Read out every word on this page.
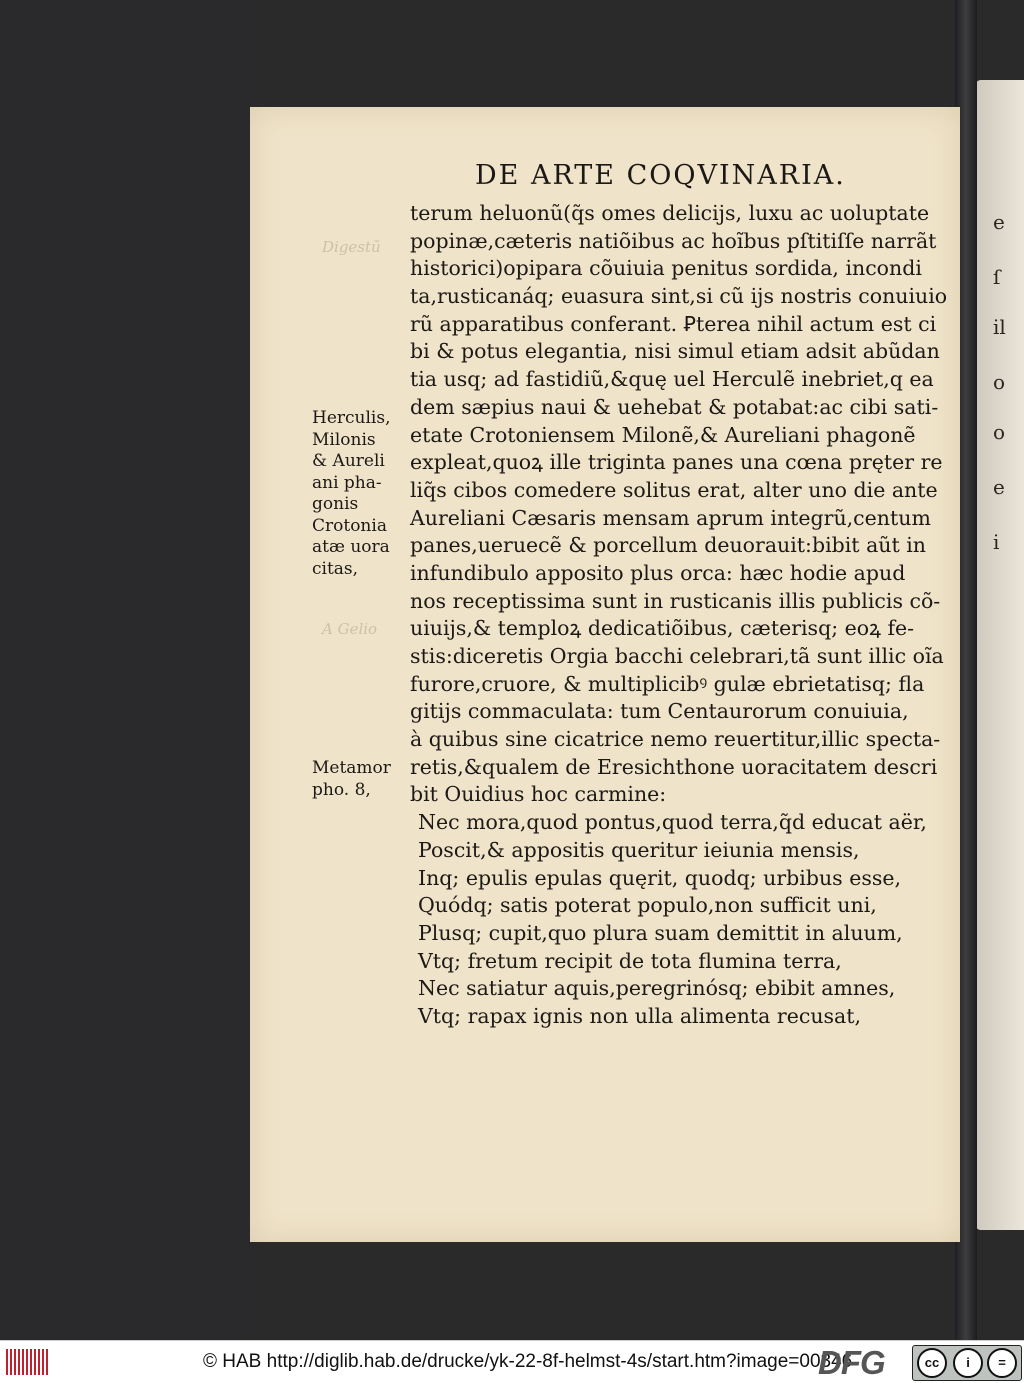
e
ſ
il
o
o
e
i
Digestũ
A Gelio
DE ARTE COQVINARIA.
terum heluonũ(q̃s omes delicijs, luxu ac uoluptate
popinæ,cæteris natiõibus ac hoĩbus pſtitiſſe narrãt
historici)opipara cõuiuia penitus sordida, incondi
ta,rusticanáq; euasura sint,si cũ ijs nostris conuiuio
rũ apparatibus conferant. Ꝑterea nihil actum est ci
bi & potus elegantia, nisi simul etiam adsit abũdan
tia usq; ad fastidiũ,&quę uel Herculẽ inebriet,q ea
dem sæpius naui & uehebat & potabat:ac cibi sati-
etate Crotoniensem Milonẽ,& Aureliani phagonẽ
expleat,quoꝝ ille triginta panes una cœna pręter re
liq̃s cibos comedere solitus erat, alter uno die ante
Aureliani Cæsaris mensam aprum integrũ,centum
panes,ueruecẽ & porcellum deuorauit:bibit aũt in
infundibulo apposito plus orca: hæc hodie apud
nos receptissima sunt in rusticanis illis publicis cõ-
uiuijs,& temploꝝ dedicatiõibus, cæterisq; eoꝝ fe-
stis:diceretis Orgia bacchi celebrari,tã sunt illic oĩa
furore,cruore, & multiplicibꝰ gulæ ebrietatisq; fla
gitijs commaculata: tum Centaurorum conuiuia,
à quibus sine cicatrice nemo reuertitur,illic specta-
retis,&qualem de Eresichthone uoracitatem descri
bit Ouidius hoc carmine:
Nec mora,quod pontus,quod terra,q̃d educat aër,
Poscit,& appositis queritur ieiunia mensis,
Inq; epulis epulas quęrit, quodq; urbibus esse,
Quódq; satis poterat populo,non sufficit uni,
Plusq; cupit,quo plura suam demittit in aluum,
Vtq; fretum recipit de tota flumina terra,
Nec satiatur aquis,peregrinósq; ebibit amnes,
Vtq; rapax ignis non ulla alimenta recusat,
Herculis,
Milonis
& Aureli
ani pha-
gonis
Crotonia
atæ uora
citas,
Metamor
pho. 8,
© HAB http://diglib.hab.de/drucke/yk-22-8f-helmst-4s/start.htm?image=00346
DFG	cc	i	=
